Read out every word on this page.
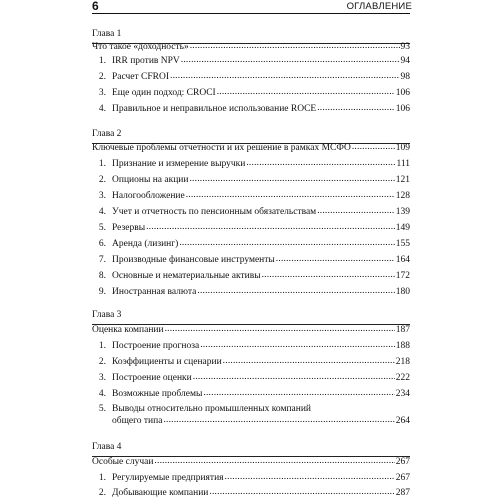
6	ОГЛАВЛЕНИЕ
Глава 1
Что такое «доходность» .....	93
1. IRR против NPV .....	94
2. Расчет CFROI .....	98
3. Еще один подход: CROCI .....	106
4. Правильное и неправильное использование ROCE .....	106
Глава 2
Ключевые проблемы отчетности и их решение в рамках МСФО .....	109
1. Признание и измерение выручки .....	111
2. Опционы на акции .....	121
3. Налогообложение .....	128
4. Учет и отчетность по пенсионным обязательствам .....	139
5. Резервы .....	149
6. Аренда (лизинг) .....	155
7. Производные финансовые инструменты .....	164
8. Основные и нематериальные активы .....	172
9. Иностранная валюта .....	180
Глава 3
Оценка компании .....	187
1. Построение прогноза .....	188
2. Коэффициенты и сценарии .....	218
3. Построение оценки .....	222
4. Возможные проблемы .....	234
5. Выводы относительно промышленных компаний
общего типа .....	264
Глава 4
Особые случаи .....	267
1. Регулируемые предприятия .....	267
2. Добывающие компании .....	287
